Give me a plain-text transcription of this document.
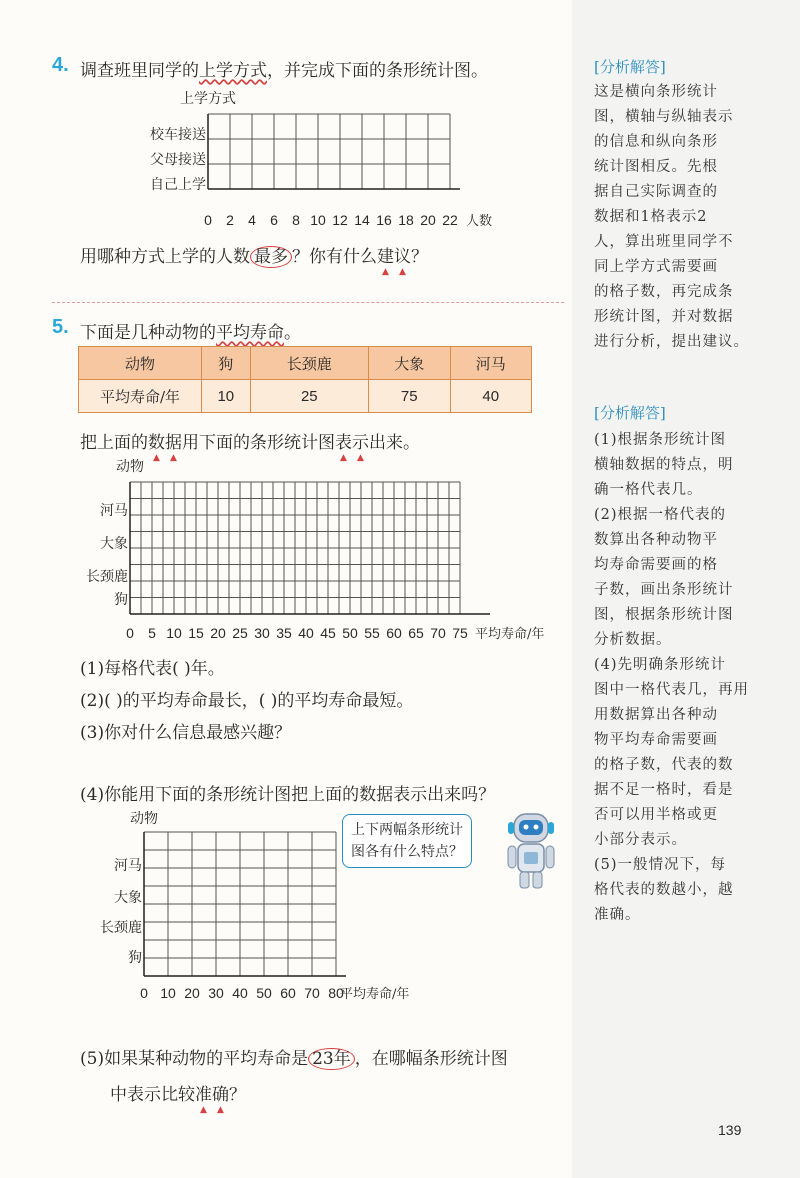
[分析解答]
这是横向条形统计
图，横轴与纵轴表示
的信息和纵向条形
统计图相反。先根
据自己实际调查的
数据和1格表示2
人，算出班里同学不
同上学方式需要画
的格子数，再完成条
形统计图，并对数据
进行分析，提出建议。
[分析解答]
(1)根据条形统计图
横轴数据的特点，明
确一格代表几。
(2)根据一格代表的
数算出各种动物平
均寿命需要画的格
子数，画出条形统计
图，根据条形统计图
分析数据。
(4)先明确条形统计
图中一格代表几，再用
用数据算出各种动
物平均寿命需要画
的格子数，代表的数
据不足一格时，看是
否可以用半格或更
小部分表示。
(5)一般情况下，每
格代表的数越小，越
准确。
4. 调查班里同学的上学方式，并完成下面的条形统计图。
上学方式
校车接送
父母接送
自己上学
0 2 4 6 8 10 12 14 16 18 20 22 人数
用哪种方式上学的人数 最多 ？你有什么建议？
5. 下面是几种动物的平均寿命。
动物	狗	长颈鹿	大象	河马
平均寿命/年	10	25	75	40
把上面的数据用下面的条形统计图表示出来。
动物
河马
大象
长颈鹿
狗
0 5 10 15 20 25 30 35 40 45 50 55 60 65 70 75 平均寿命/年
(1)每格代表( )年。
(2)( )的平均寿命最长，( )的平均寿命最短。
(3)你对什么信息最感兴趣？
(4)你能用下面的条形统计图把上面的数据表示出来吗？
动物
河马
大象
长颈鹿
狗
0 10 20 30 40 50 60 70 80
平均寿命/年
上下两幅条形统计
图各有什么特点？
(5)如果某种动物的平均寿命是 23年 ，在哪幅条形统计图
中表示比较准确？
139
